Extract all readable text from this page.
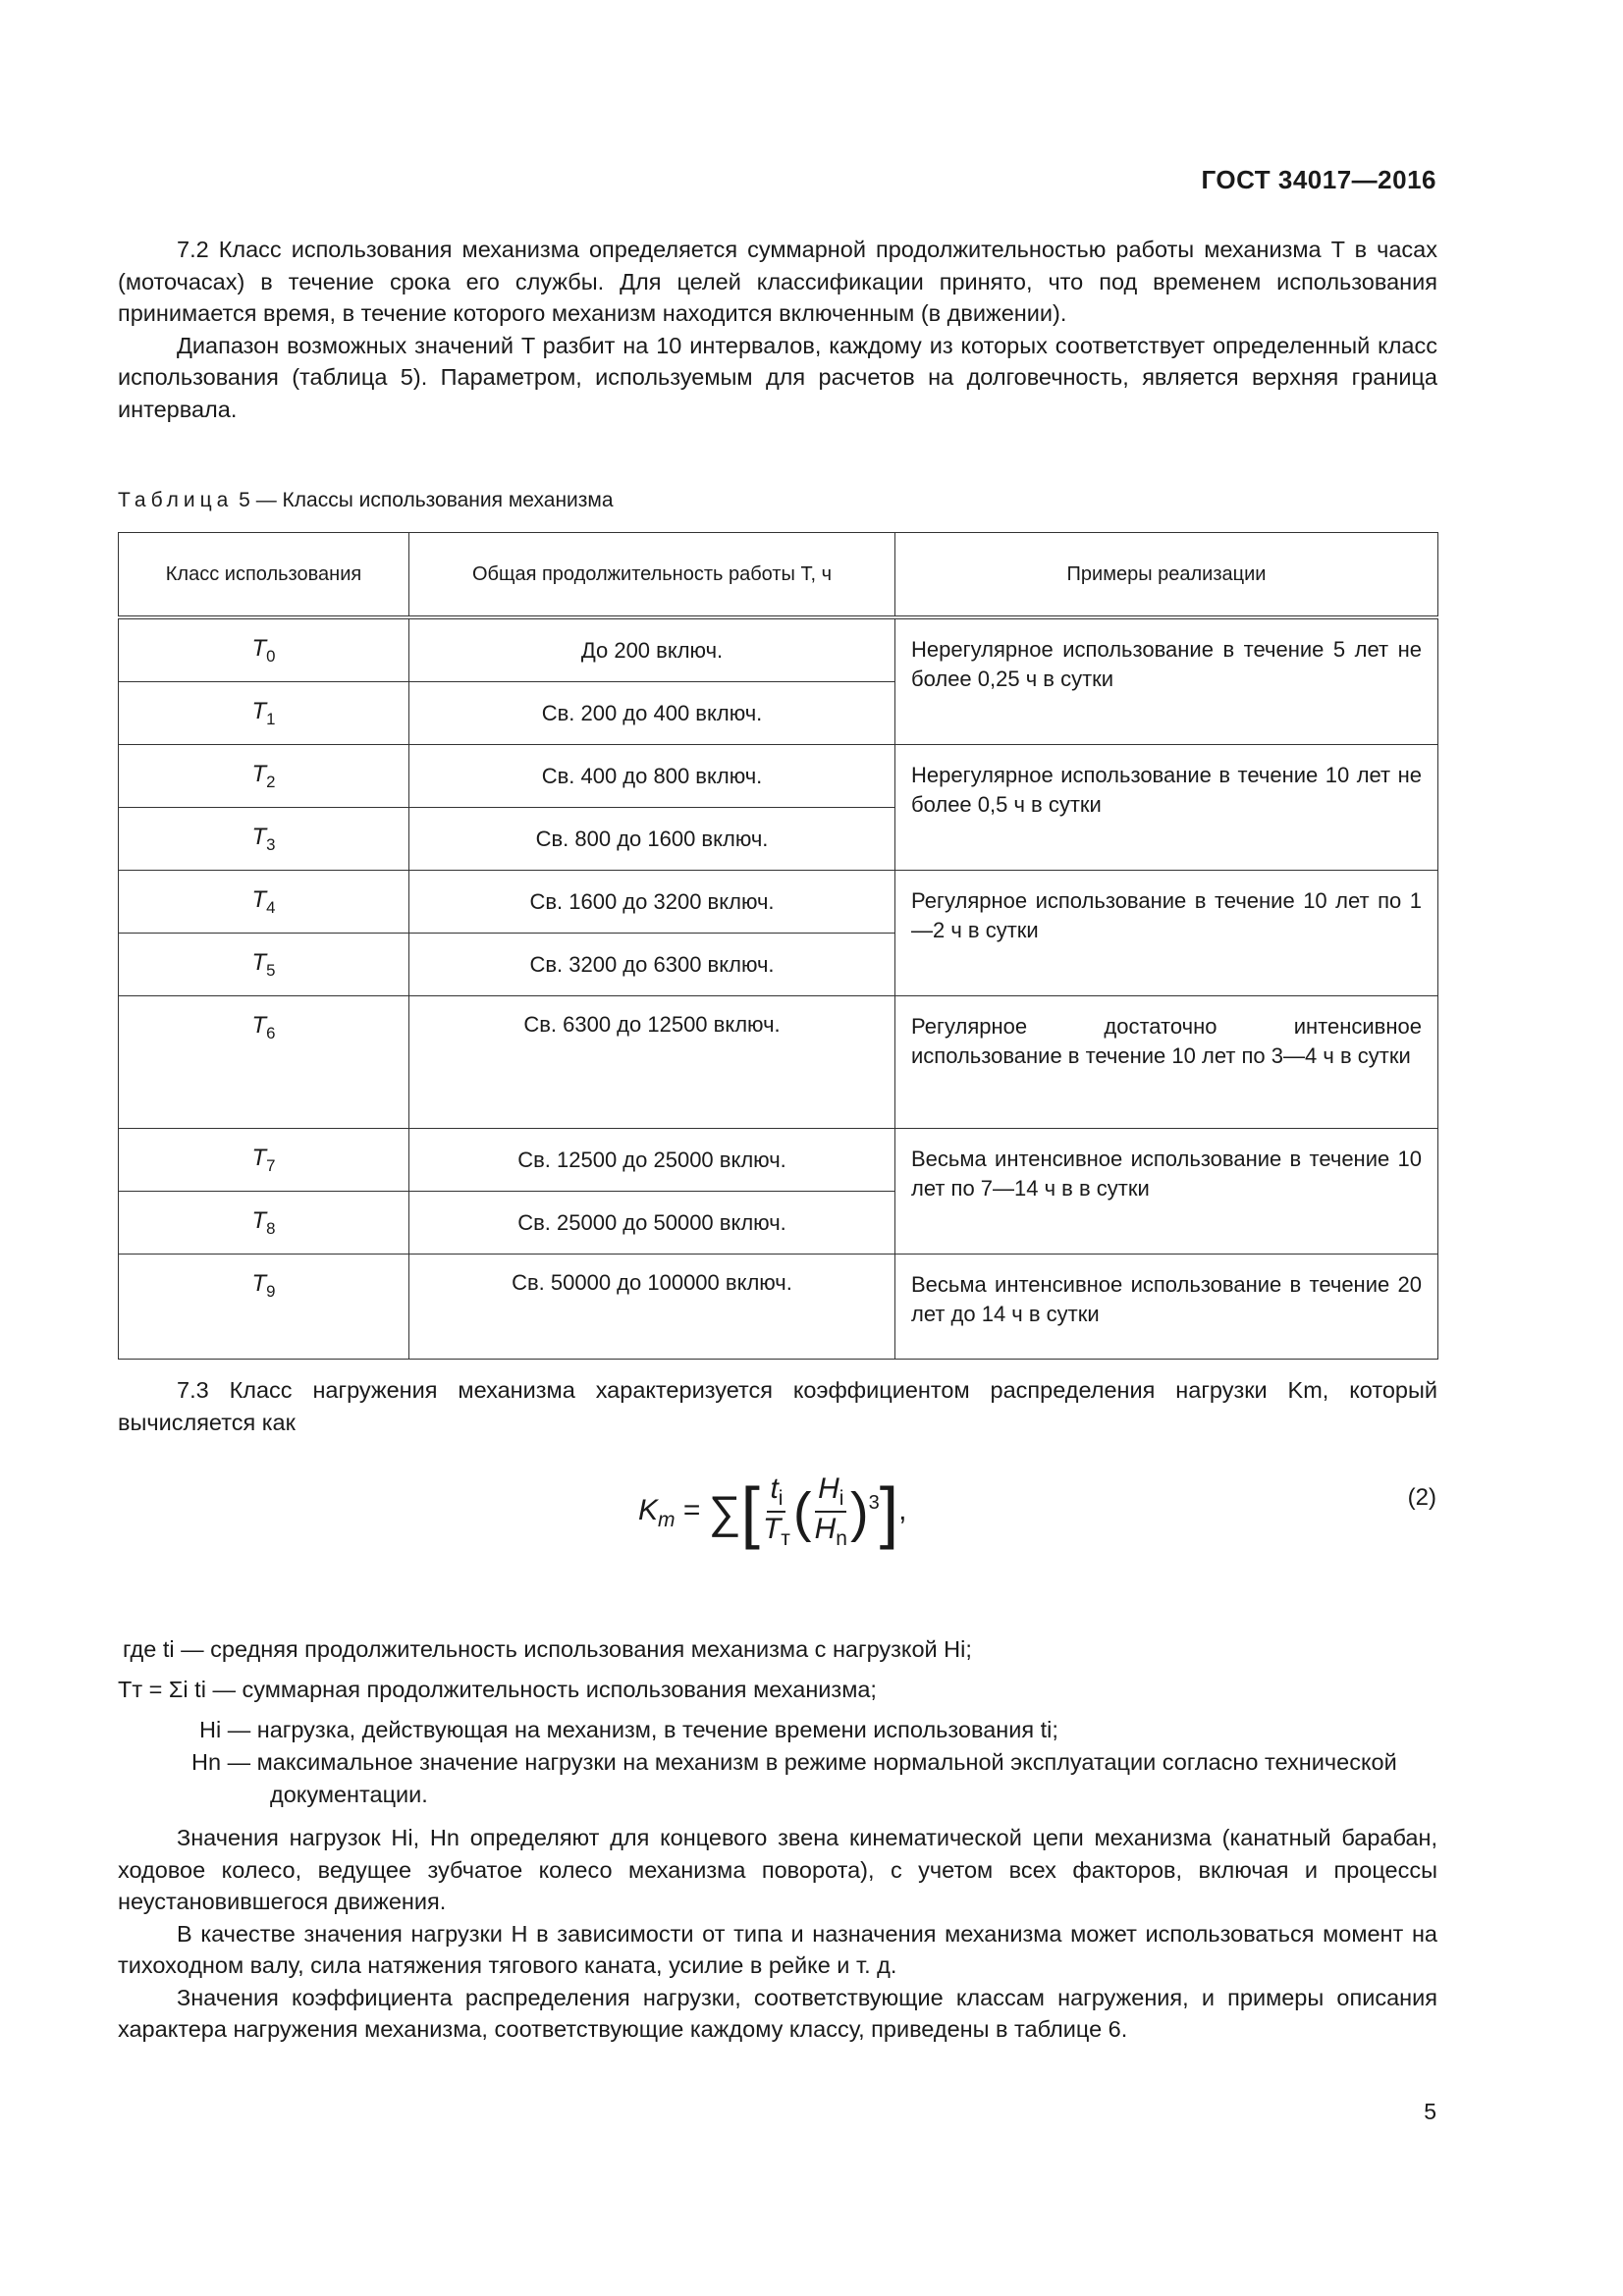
ГОСТ 34017—2016

7.2 Класс использования механизма определяется суммарной продолжительностью работы механизма T в часах (моточасах) в течение срока его службы. Для целей классификации принято, что под временем использования принимается время, в течение которого механизм находится включенным (в движении).

Диапазон возможных значений T разбит на 10 интервалов, каждому из которых соответствует определенный класс использования (таблица 5). Параметром, используемым для расчетов на долговечность, является верхняя граница интервала.

Таблица 5 — Классы использования механизма
Класс использования	Общая продолжительность работы T, ч	Примеры реализации
$T_0$	До 200 включ.	Нерегулярное использование в течение 5 лет не более 0,25 ч в сутки
$T_1$	Св. 200 до 400 включ.	
$T_2$	Св. 400 до 800 включ.	Нерегулярное использование в течение 10 лет не более 0,5 ч в сутки
$T_3$	Св. 800 до 1600 включ.	
$T_4$	Св. 1600 до 3200 включ.	Регулярное использование в течение 10 лет по 1—2 ч в сутки
$T_5$	Св. 3200 до 6300 включ.	
$T_6$	Св. 6300 до 12500 включ.	Регулярное достаточно интенсивное использование в течение 10 лет по 3—4 ч в сутки
$T_7$	Св. 12500 до 25000 включ.	Весьма интенсивное использование в течение 10 лет по 7—14 ч в в сутки
$T_8$	Св. 25000 до 50000 включ.	
$T_9$	Св. 50000 до 100000 включ.	Весьма интенсивное использование в течение 20 лет до 14 ч в сутки

7.3 Класс нагружения механизма характеризуется коэффициентом распределения нагрузки Km, который вычисляется как

$K_m$ = ∑[ $\frac{t_i}{T_т}$ ( $\frac{H_i}{H_n} )^3$],	(2)
где ti — средняя продолжительность использования механизма с нагрузкой Hi;
Tт = Σi ti — суммарная продолжительность использования механизма;
Hi — нагрузка, действующая на механизм, в течение времени использования ti;
Hn — максимальное значение нагрузки на механизм в режиме нормальной эксплуатации согласно технической документации.

Значения нагрузок Hi, Hn определяют для концевого звена кинематической цепи механизма (канатный барабан, ходовое колесо, ведущее зубчатое колесо механизма поворота), с учетом всех факторов, включая и процессы неустановившегося движения.

В качестве значения нагрузки H в зависимости от типа и назначения механизма может использоваться момент на тихоходном валу, сила натяжения тягового каната, усилие в рейке и т. д.

Значения коэффициента распределения нагрузки, соответствующие классам нагружения, и примеры описания характера нагружения механизма, соответствующие каждому классу, приведены в таблице 6.

5
